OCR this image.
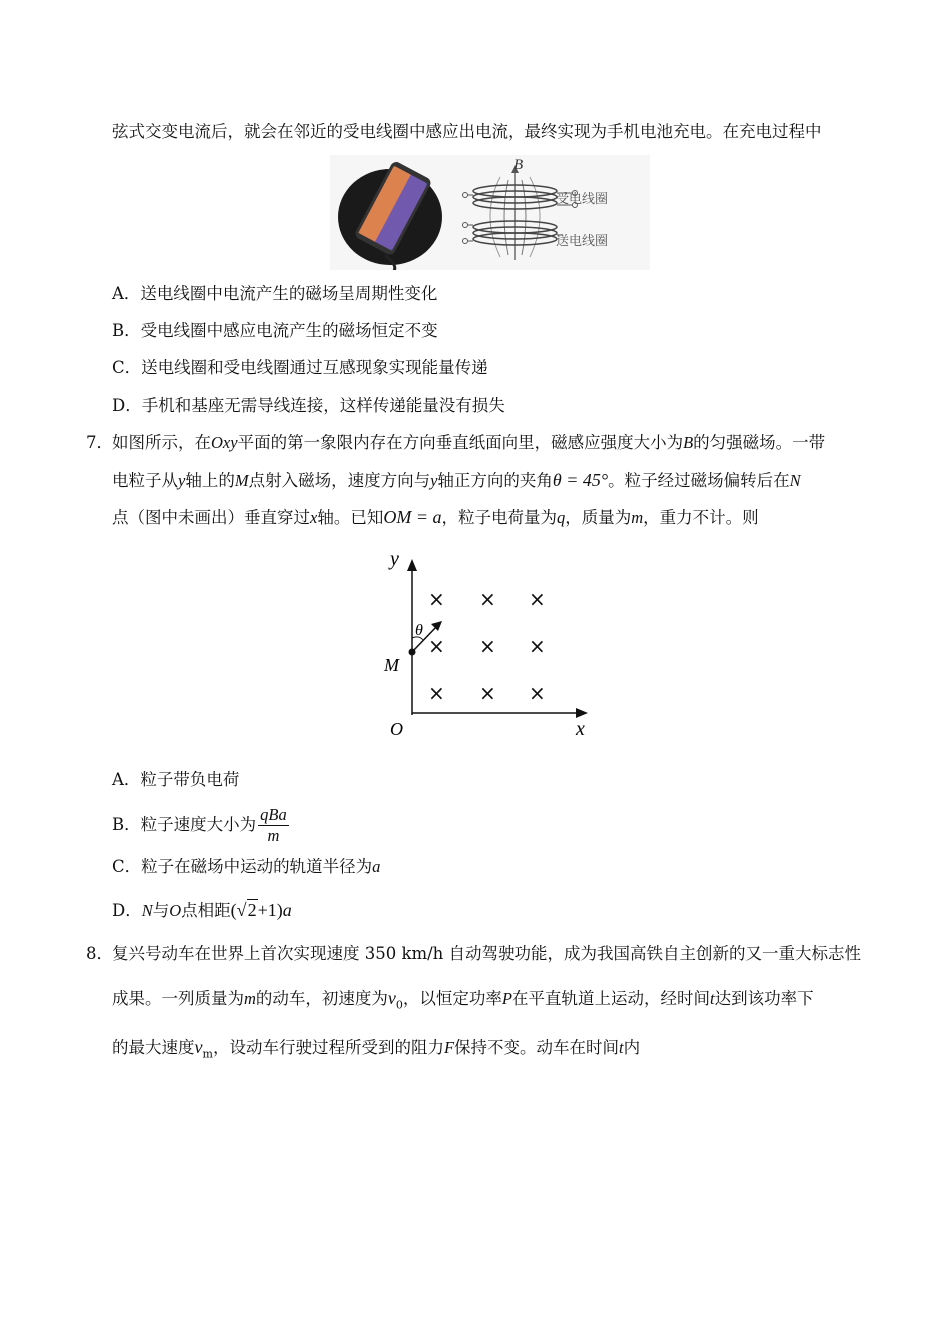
弦式交变电流后，就会在邻近的受电线圈中感应出电流，最终实现为手机电池充电。在充电过程中
B
受电线圈
送电线圈
A．送电线圈中电流产生的磁场呈周期性变化
B．受电线圈中感应电流产生的磁场恒定不变
C．送电线圈和受电线圈通过互感现象实现能量传递
D．手机和基座无需导线连接，这样传递能量没有损失
7． 如图所示，在Oxy平面的第一象限内存在方向垂直纸面向里，磁感应强度大小为B的匀强磁场。一带
电粒子从y轴上的M点射入磁场，速度方向与y轴正方向的夹角θ = 45°。粒子经过磁场偏转后在N
点（图中未画出）垂直穿过x轴。已知OM = a，粒子电荷量为q，质量为m，重力不计。则
y
x
O
M
θ
× × ×
× × ×
× × ×
A．粒子带负电荷
B．粒子速度大小为 $\frac{\text{qBa}}{m}$
C．粒子在磁场中运动的轨道半径为a
D．N与O点相距(√2+1)a
8． 复兴号动车在世界上首次实现速度 350 km/h 自动驾驶功能，成为我国高铁自主创新的又一重大标志性
成果。一列质量为m的动车，初速度为$v_0$，以恒定功率P在平直轨道上运动，经时间t达到该功率下
的最大速度$v_m$，设动车行驶过程所受到的阻力F保持不变。动车在时间t内
